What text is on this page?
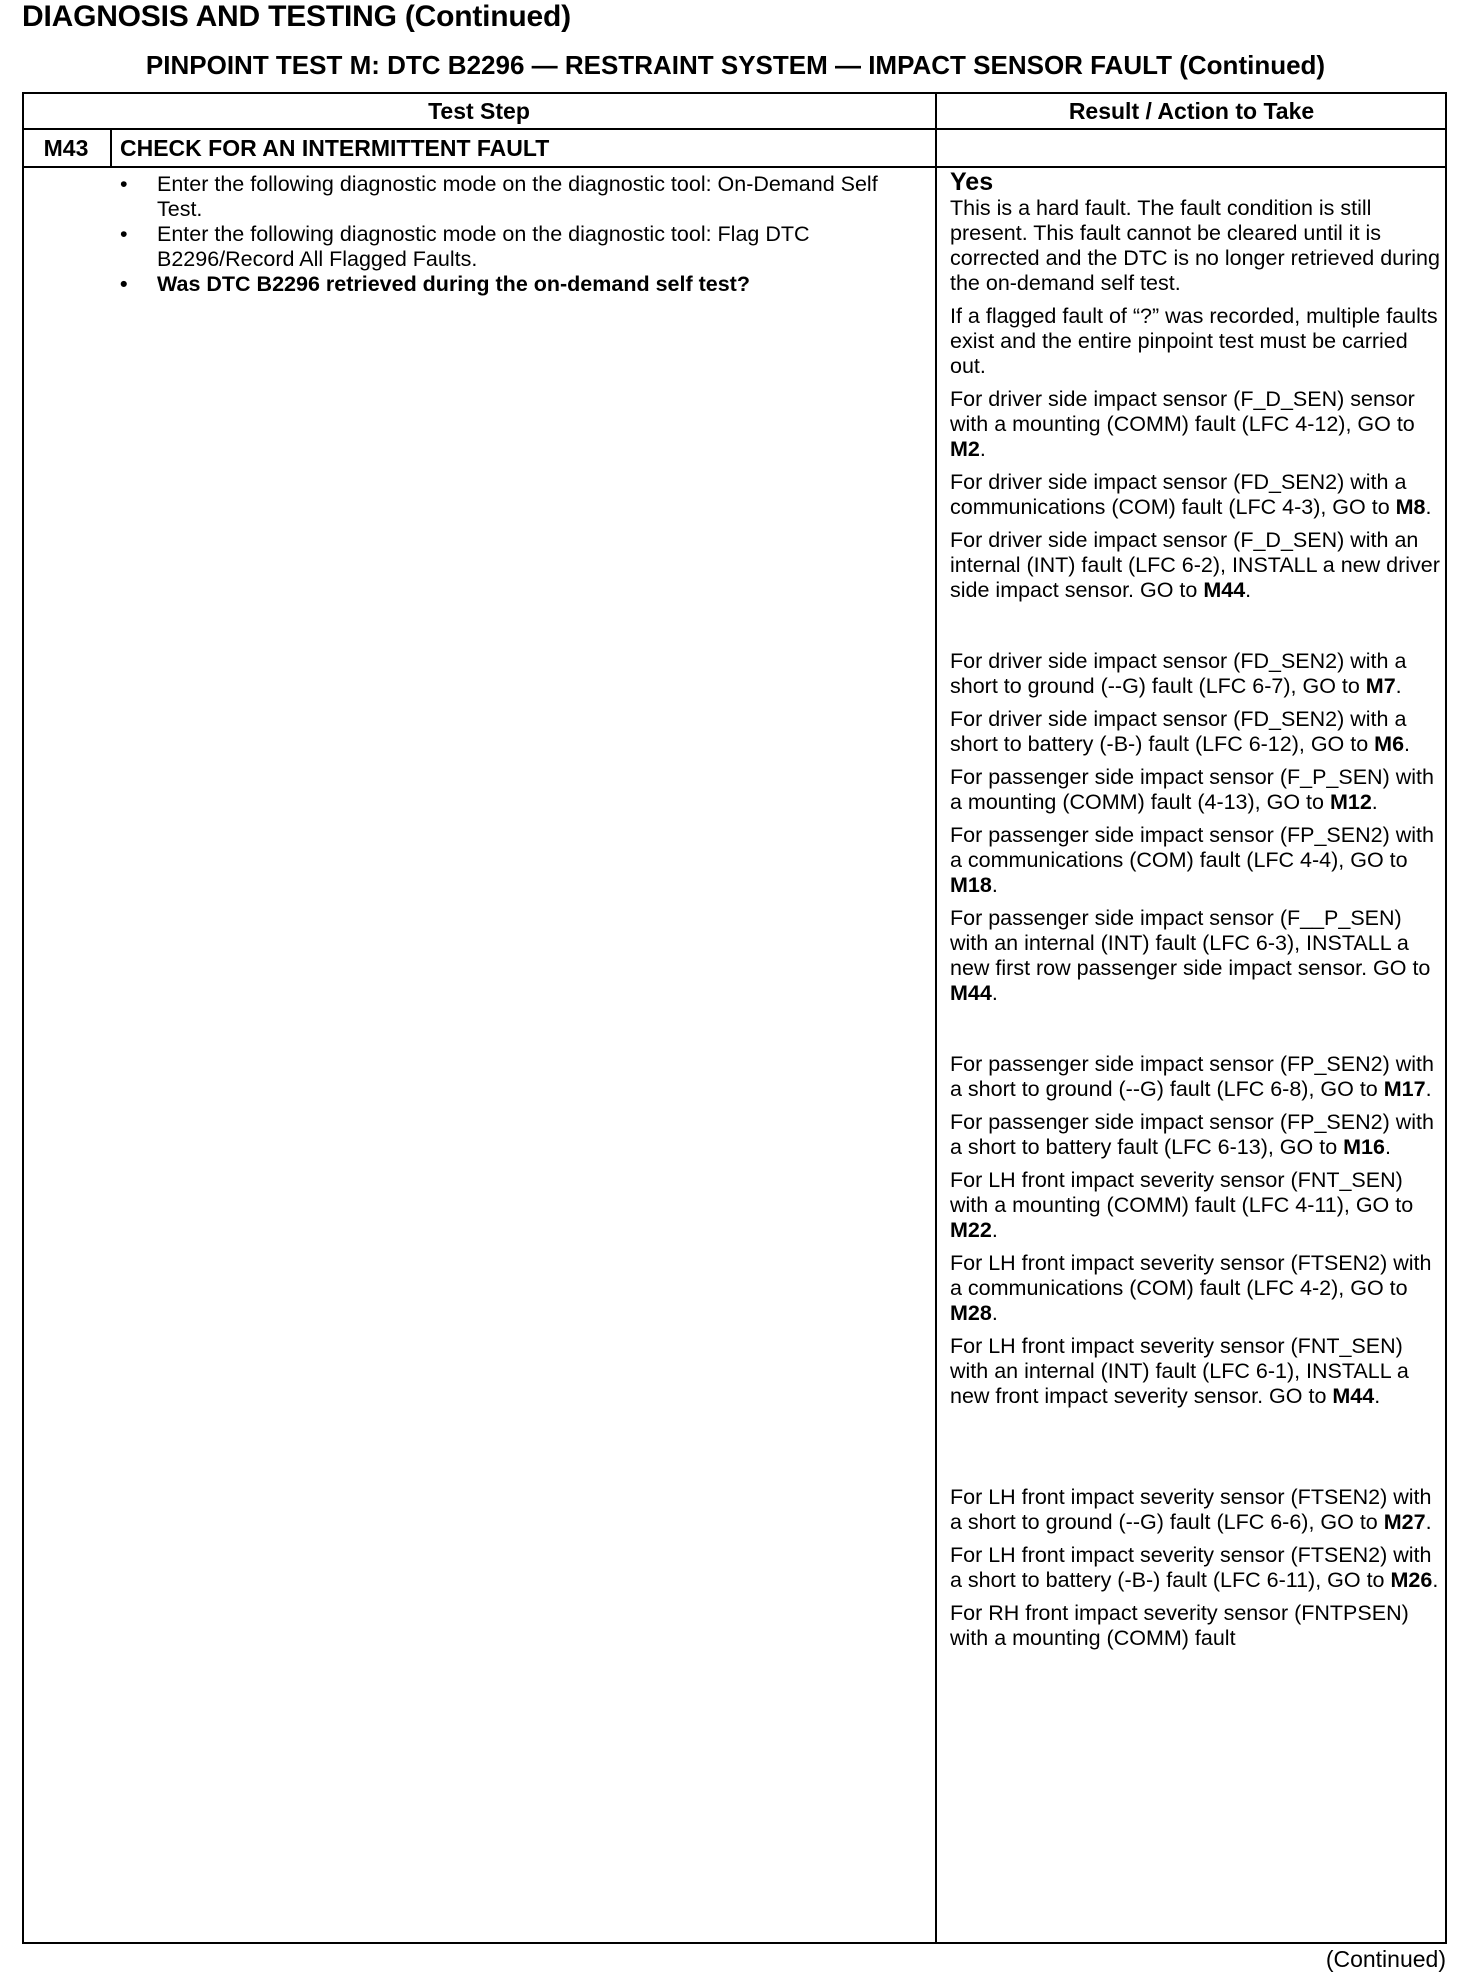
DIAGNOSIS AND TESTING (Continued)
PINPOINT TEST M: DTC B2296 — RESTRAINT SYSTEM — IMPACT SENSOR FAULT (Continued)
Test Step	Result / Action to Take
M43	CHECK FOR AN INTERMITTENT FAULT
• Enter the following diagnostic mode on the diagnostic tool: On-Demand Self Test.
• Enter the following diagnostic mode on the diagnostic tool: Flag DTC B2296/Record All Flagged Faults.
• Was DTC B2296 retrieved during the on-demand self test?
Yes
This is a hard fault. The fault condition is still present. This fault cannot be cleared until it is corrected and the DTC is no longer retrieved during the on-demand self test.
If a flagged fault of “?” was recorded, multiple faults exist and the entire pinpoint test must be carried out.
For driver side impact sensor (F_D_SEN) sensor with a mounting (COMM) fault (LFC 4-12), GO to M2.
For driver side impact sensor (FD_SEN2) with a communications (COM) fault (LFC 4-3), GO to M8.
For driver side impact sensor (F_D_SEN) with an internal (INT) fault (LFC 6-2), INSTALL a new driver side impact sensor. GO to M44.
For driver side impact sensor (FD_SEN2) with a short to ground (--G) fault (LFC 6-7), GO to M7.
For driver side impact sensor (FD_SEN2) with a short to battery (-B-) fault (LFC 6-12), GO to M6.
For passenger side impact sensor (F_P_SEN) with a mounting (COMM) fault (4-13), GO to M12.
For passenger side impact sensor (FP_SEN2) with a communications (COM) fault (LFC 4-4), GO to M18.
For passenger side impact sensor (F__P_SEN) with an internal (INT) fault (LFC 6-3), INSTALL a new first row passenger side impact sensor. GO to M44.
For passenger side impact sensor (FP_SEN2) with a short to ground (--G) fault (LFC 6-8), GO to M17.
For passenger side impact sensor (FP_SEN2) with a short to battery fault (LFC 6-13), GO to M16.
For LH front impact severity sensor (FNT_SEN) with a mounting (COMM) fault (LFC 4-11), GO to M22.
For LH front impact severity sensor (FTSEN2) with a communications (COM) fault (LFC 4-2), GO to M28.
For LH front impact severity sensor (FNT_SEN) with an internal (INT) fault (LFC 6-1), INSTALL a new front impact severity sensor. GO to M44.
For LH front impact severity sensor (FTSEN2) with a short to ground (--G) fault (LFC 6-6), GO to M27.
For LH front impact severity sensor (FTSEN2) with a short to battery (-B-) fault (LFC 6-11), GO to M26.
For RH front impact severity sensor (FNTPSEN) with a mounting (COMM) fault
(Continued)
